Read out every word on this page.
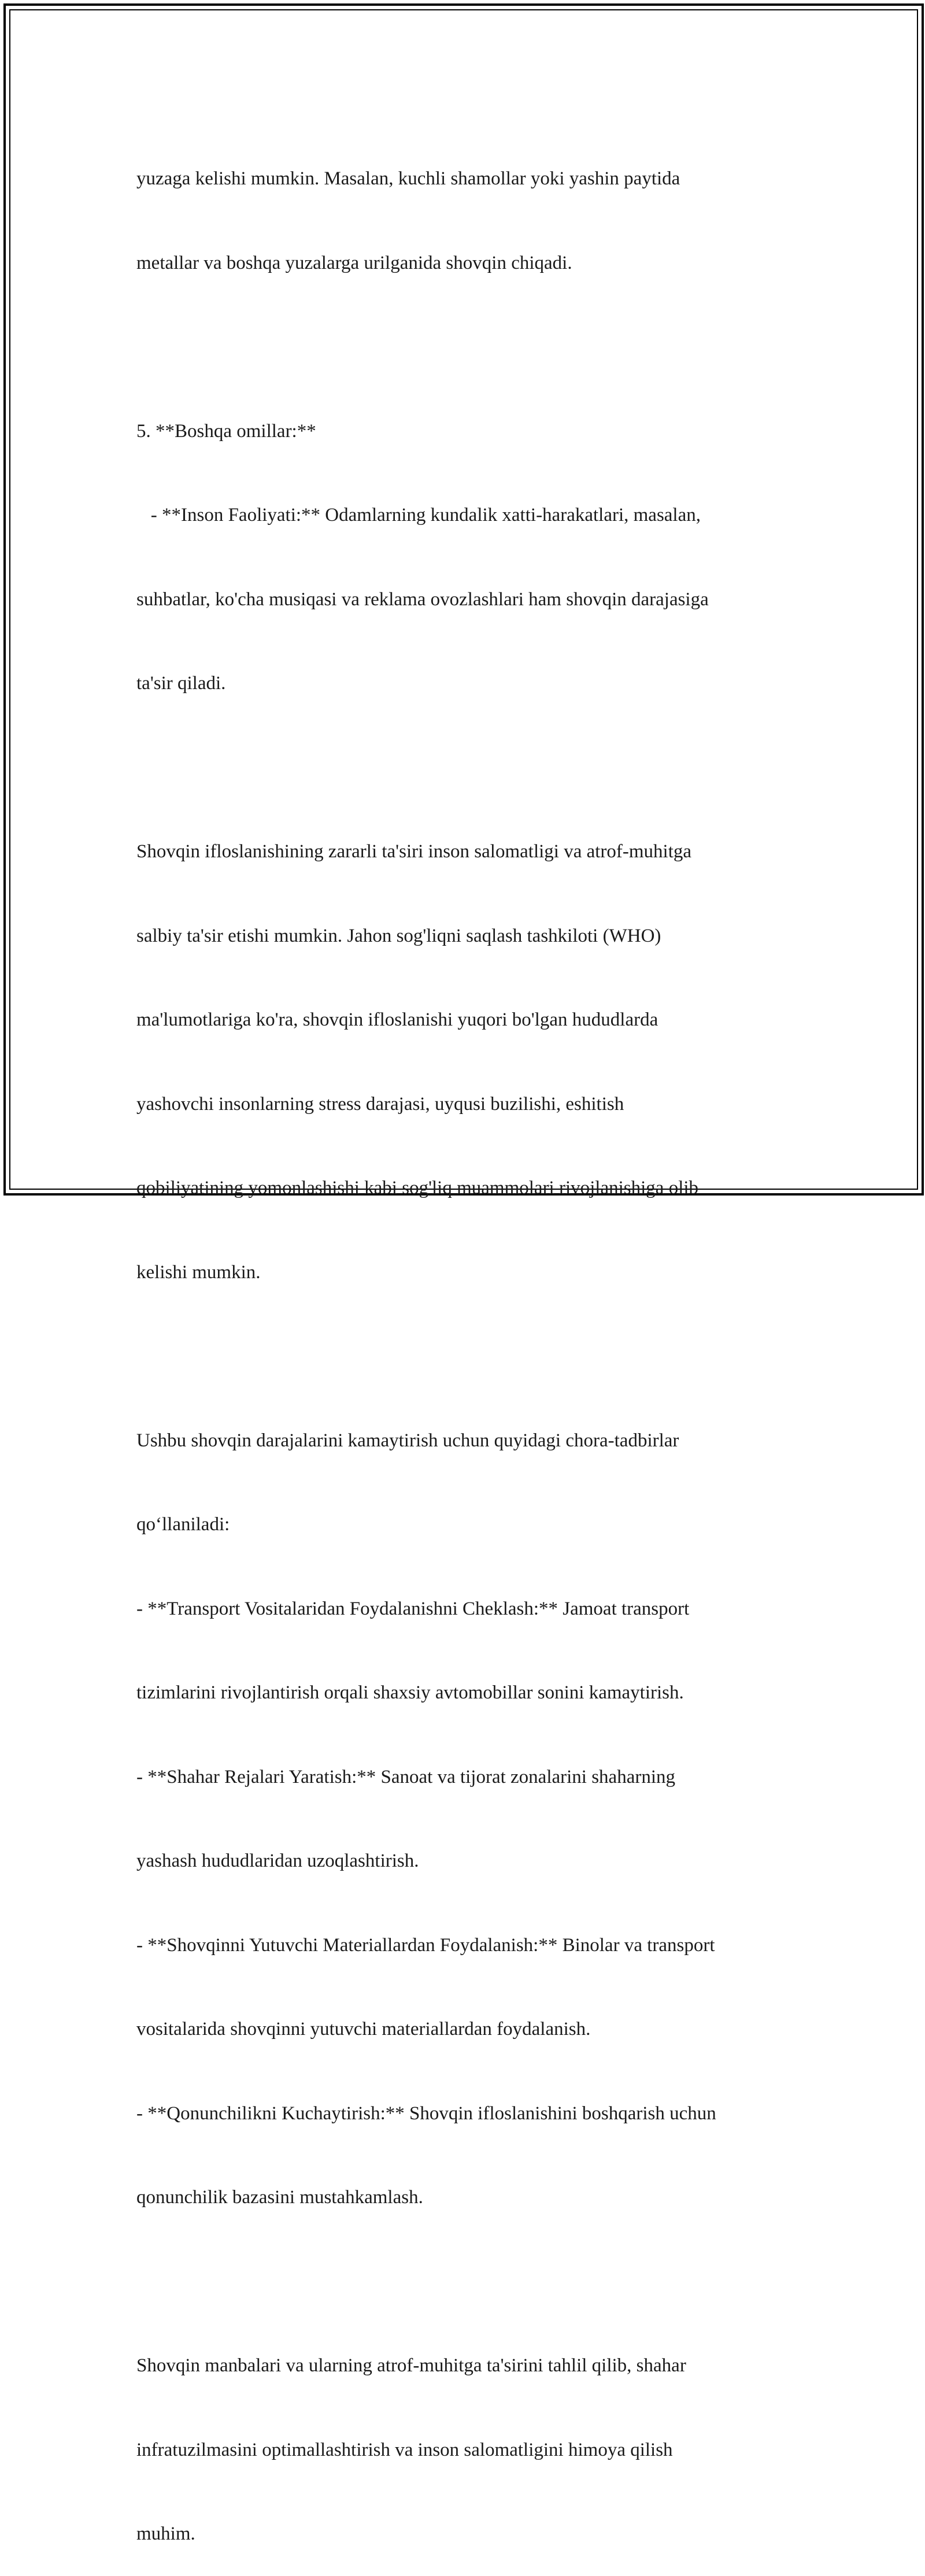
yuzaga kelishi mumkin. Masalan, kuchli shamollar yoki yashin paytida

metallar va boshqa yuzalarga urilganida shovqin chiqadi.

5. **Boshqa omillar:**

- **Inson Faoliyati:** Odamlarning kundalik xatti-harakatlari, masalan,

suhbatlar, ko'cha musiqasi va reklama ovozlashlari ham shovqin darajasiga

ta'sir qiladi.

Shovqin ifloslanishining zararli ta'siri inson salomatligi va atrof-muhitga

salbiy ta'sir etishi mumkin. Jahon sog'liqni saqlash tashkiloti (WHO)

ma'lumotlariga ko'ra, shovqin ifloslanishi yuqori bo'lgan hududlarda

yashovchi insonlarning stress darajasi, uyqusi buzilishi, eshitish

qobiliyatining yomonlashishi kabi sog'liq muammolari rivojlanishiga olib

kelishi mumkin.

Ushbu shovqin darajalarini kamaytirish uchun quyidagi chora-tadbirlar

qo‘llaniladi:

- **Transport Vositalaridan Foydalanishni Cheklash:** Jamoat transport

tizimlarini rivojlantirish orqali shaxsiy avtomobillar sonini kamaytirish.

- **Shahar Rejalari Yaratish:** Sanoat va tijorat zonalarini shaharning

yashash hududlaridan uzoqlashtirish.

- **Shovqinni Yutuvchi Materiallardan Foydalanish:** Binolar va transport

vositalarida shovqinni yutuvchi materiallardan foydalanish.

- **Qonunchilikni Kuchaytirish:** Shovqin ifloslanishini boshqarish uchun

qonunchilik bazasini mustahkamlash.

Shovqin manbalari va ularning atrof-muhitga ta'sirini tahlil qilib, shahar

infratuzilmasini optimallashtirish va inson salomatligini himoya qilish

muhim.
